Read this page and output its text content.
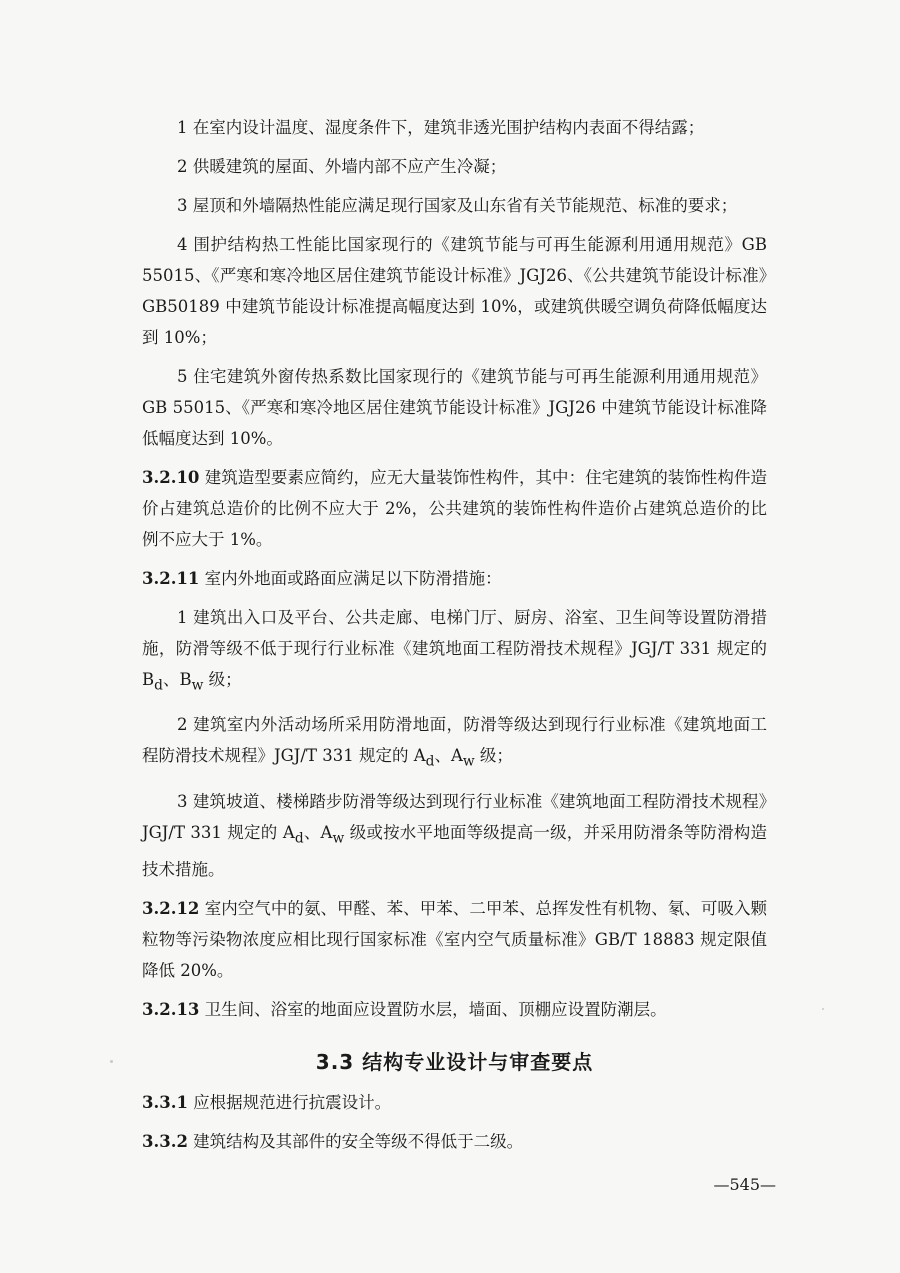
1 在室内设计温度、湿度条件下，建筑非透光围护结构内表面不得结露；

2 供暖建筑的屋面、外墙内部不应产生冷凝；

3 屋顶和外墙隔热性能应满足现行国家及山东省有关节能规范、标准的要求；

4 围护结构热工性能比国家现行的《建筑节能与可再生能源利用通用规范》GB 55015、《严寒和寒冷地区居住建筑节能设计标准》JGJ26、《公共建筑节能设计标准》GB50189 中建筑节能设计标准提高幅度达到 10%，或建筑供暖空调负荷降低幅度达到 10%；

5 住宅建筑外窗传热系数比国家现行的《建筑节能与可再生能源利用通用规范》GB 55015、《严寒和寒冷地区居住建筑节能设计标准》JGJ26 中建筑节能设计标准降低幅度达到 10%。

3.2.10 建筑造型要素应简约，应无大量装饰性构件，其中：住宅建筑的装饰性构件造价占建筑总造价的比例不应大于 2%，公共建筑的装饰性构件造价占建筑总造价的比例不应大于 1%。

3.2.11 室内外地面或路面应满足以下防滑措施：

1 建筑出入口及平台、公共走廊、电梯门厅、厨房、浴室、卫生间等设置防滑措施，防滑等级不低于现行行业标准《建筑地面工程防滑技术规程》JGJ/T 331 规定的 $B_d$、$B_w$ 级；

2 建筑室内外活动场所采用防滑地面，防滑等级达到现行行业标准《建筑地面工程防滑技术规程》JGJ/T 331 规定的 $A_d$、$A_w$ 级；

3 建筑坡道、楼梯踏步防滑等级达到现行行业标准《建筑地面工程防滑技术规程》JGJ/T 331 规定的 $A_d$、$A_w$ 级或按水平地面等级提高一级，并采用防滑条等防滑构造技术措施。

3.2.12 室内空气中的氨、甲醛、苯、甲苯、二甲苯、总挥发性有机物、氡、可吸入颗粒物等污染物浓度应相比现行国家标准《室内空气质量标准》GB/T 18883 规定限值降低 20%。

3.2.13 卫生间、浴室的地面应设置防水层，墙面、顶棚应设置防潮层。

3.3 结构专业设计与审查要点

3.3.1 应根据规范进行抗震设计。

3.3.2 建筑结构及其部件的安全等级不得低于二级。

—545—
